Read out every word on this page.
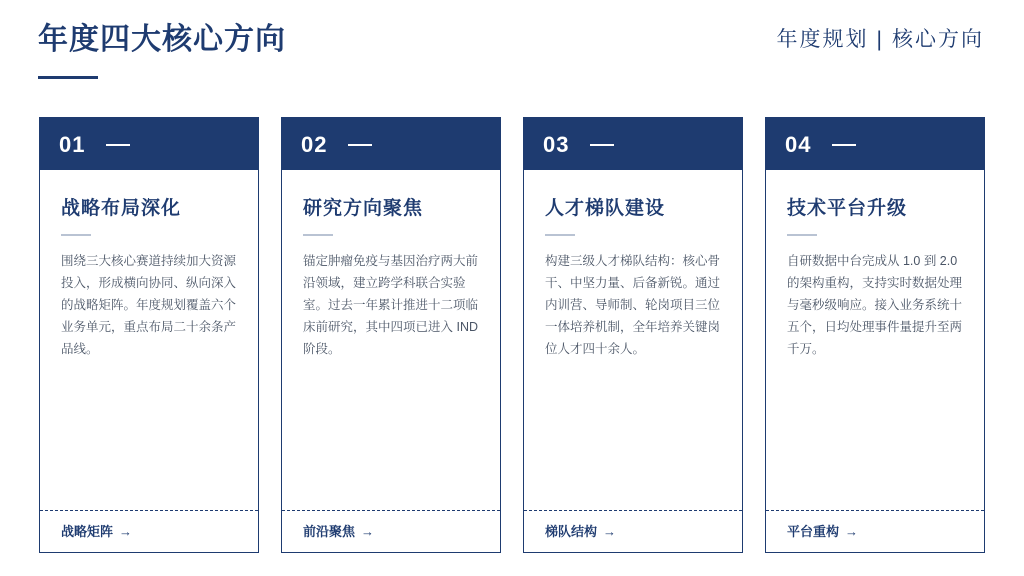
年度四大核心方向	年度规划 | 核心方向
01
战略布局深化

围绕三大核心赛道持续加大资源投入，形成横向协同、纵向深入的战略矩阵。年度规划覆盖六个业务单元，重点布局二十余条产品线。

战略矩阵 →
02
研究方向聚焦

锚定肿瘤免疫与基因治疗两大前沿领域，建立跨学科联合实验室。过去一年累计推进十二项临床前研究，其中四项已进入 IND 阶段。

前沿聚焦 →
03
人才梯队建设

构建三级人才梯队结构：核心骨干、中坚力量、后备新锐。通过内训营、导师制、轮岗项目三位一体培养机制，全年培养关键岗位人才四十余人。

梯队结构 →
04
技术平台升级

自研数据中台完成从 1.0 到 2.0 的架构重构，支持实时数据处理与毫秒级响应。接入业务系统十五个，日均处理事件量提升至两千万。

平台重构 →
